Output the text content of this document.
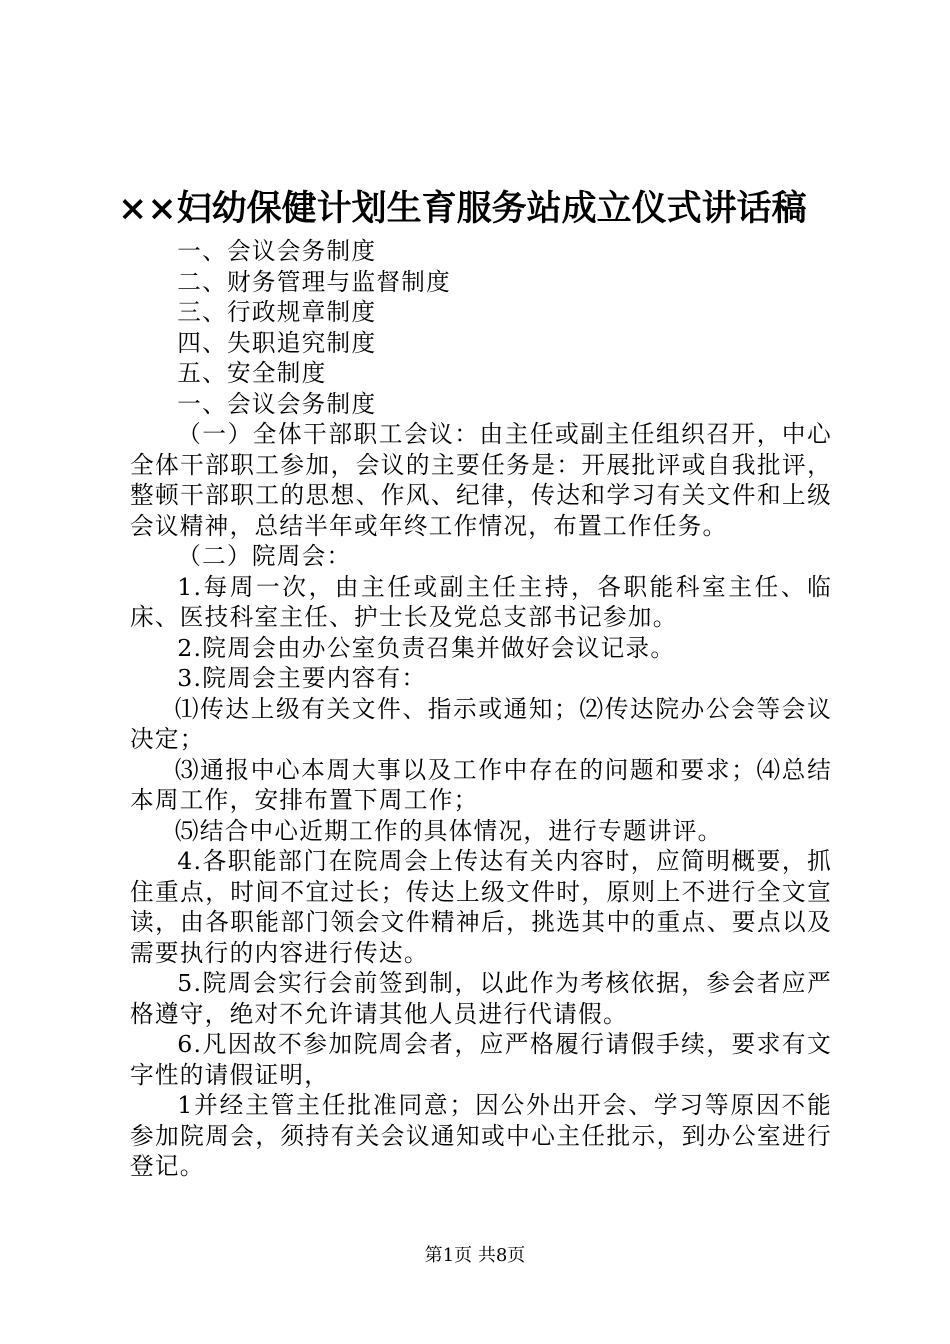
××妇幼保健计划生育服务站成立仪式讲话稿

一、会议会务制度

二、财务管理与监督制度

三、行政规章制度

四、失职追究制度

五、安全制度

一、会议会务制度

（一）全体干部职工会议：由主任或副主任组织召开，中心全体干部职工参加，会议的主要任务是：开展批评或自我批评，整顿干部职工的思想、作风、纪律，传达和学习有关文件和上级会议精神，总结半年或年终工作情况，布置工作任务。

（二）院周会：

1.每周一次，由主任或副主任主持，各职能科室主任、临床、医技科室主任、护士长及党总支部书记参加。

2.院周会由办公室负责召集并做好会议记录。

3.院周会主要内容有：

⑴传达上级有关文件、指示或通知；⑵传达院办公会等会议决定；

⑶通报中心本周大事以及工作中存在的问题和要求；⑷总结本周工作，安排布置下周工作；

⑸结合中心近期工作的具体情况，进行专题讲评。

4.各职能部门在院周会上传达有关内容时，应简明概要，抓住重点，时间不宜过长；传达上级文件时，原则上不进行全文宣读，由各职能部门领会文件精神后，挑选其中的重点、要点以及需要执行的内容进行传达。

5.院周会实行会前签到制，以此作为考核依据，参会者应严格遵守，绝对不允许请其他人员进行代请假。

6.凡因故不参加院周会者，应严格履行请假手续，要求有文字性的请假证明，

1并经主管主任批准同意；因公外出开会、学习等原因不能参加院周会，须持有关会议通知或中心主任批示，到办公室进行登记。

第1页 共8页
